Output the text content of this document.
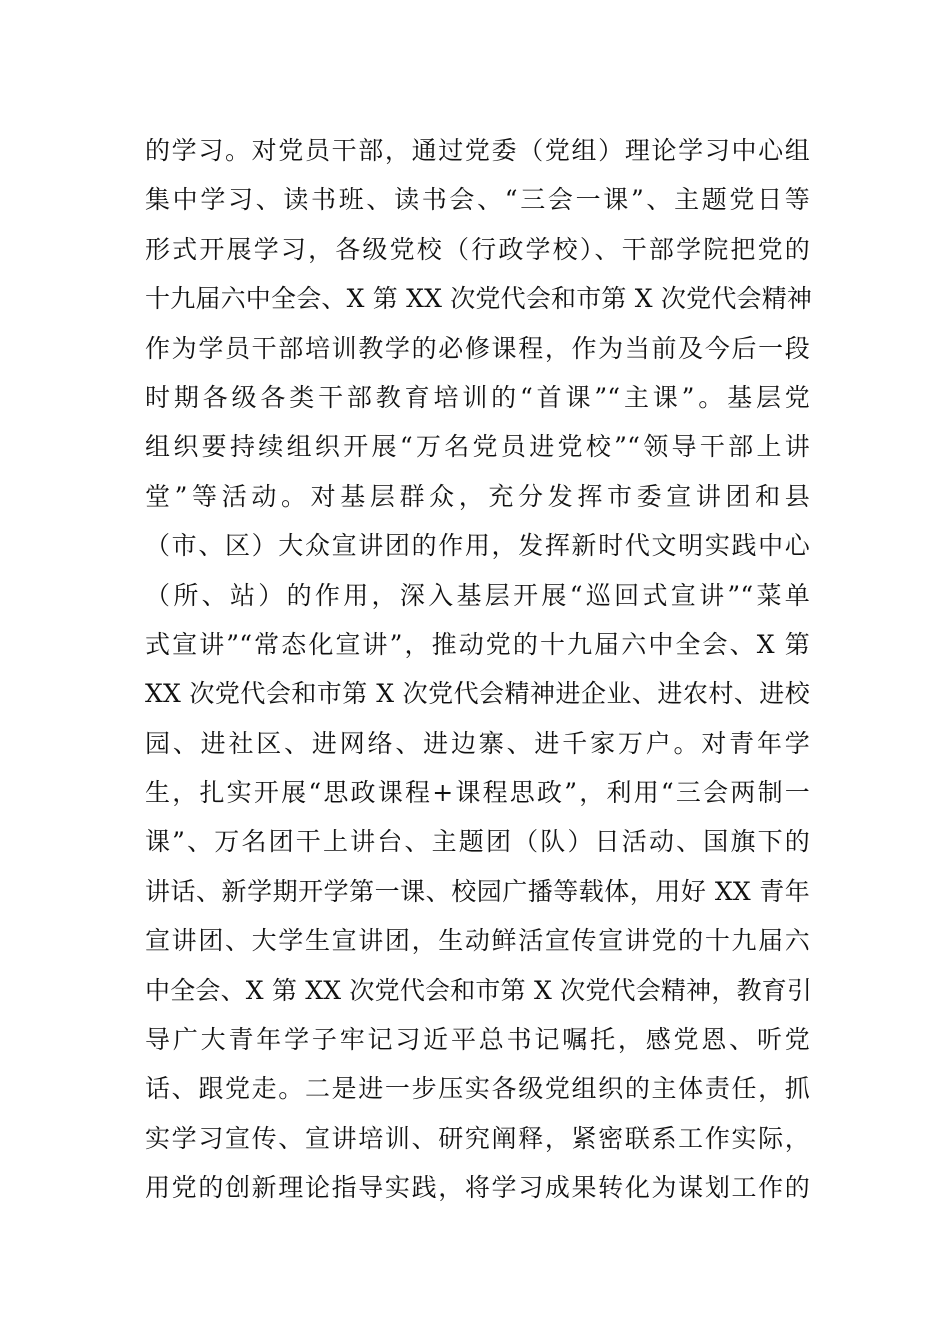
的学习。对党员干部，通过党委（党组）理论学习中心组
集中学习、读书班、读书会、“三会一课”、主题党日等
形式开展学习，各级党校（行政学校）、干部学院把党的
十九届六中全会、X 第 XX 次党代会和市第 X 次党代会精神
作为学员干部培训教学的必修课程，作为当前及今后一段
时期各级各类干部教育培训的“首课”“主课”。基层党
组织要持续组织开展“万名党员进党校”“领导干部上讲
堂”等活动。对基层群众，充分发挥市委宣讲团和县
（市、区）大众宣讲团的作用，发挥新时代文明实践中心
（所、站）的作用，深入基层开展“巡回式宣讲”“菜单
式宣讲”“常态化宣讲”，推动党的十九届六中全会、X 第
XX 次党代会和市第 X 次党代会精神进企业、进农村、进校
园、进社区、进网络、进边寨、进千家万户。对青年学
生，扎实开展“思政课程+课程思政”，利用“三会两制一
课”、万名团干上讲台、主题团（队）日活动、国旗下的
讲话、新学期开学第一课、校园广播等载体，用好 XX 青年
宣讲团、大学生宣讲团，生动鲜活宣传宣讲党的十九届六
中全会、X 第 XX 次党代会和市第 X 次党代会精神，教育引
导广大青年学子牢记习近平总书记嘱托，感党恩、听党
话、跟党走。二是进一步压实各级党组织的主体责任，抓
实学习宣传、宣讲培训、研究阐释，紧密联系工作实际，
用党的创新理论指导实践，将学习成果转化为谋划工作的
